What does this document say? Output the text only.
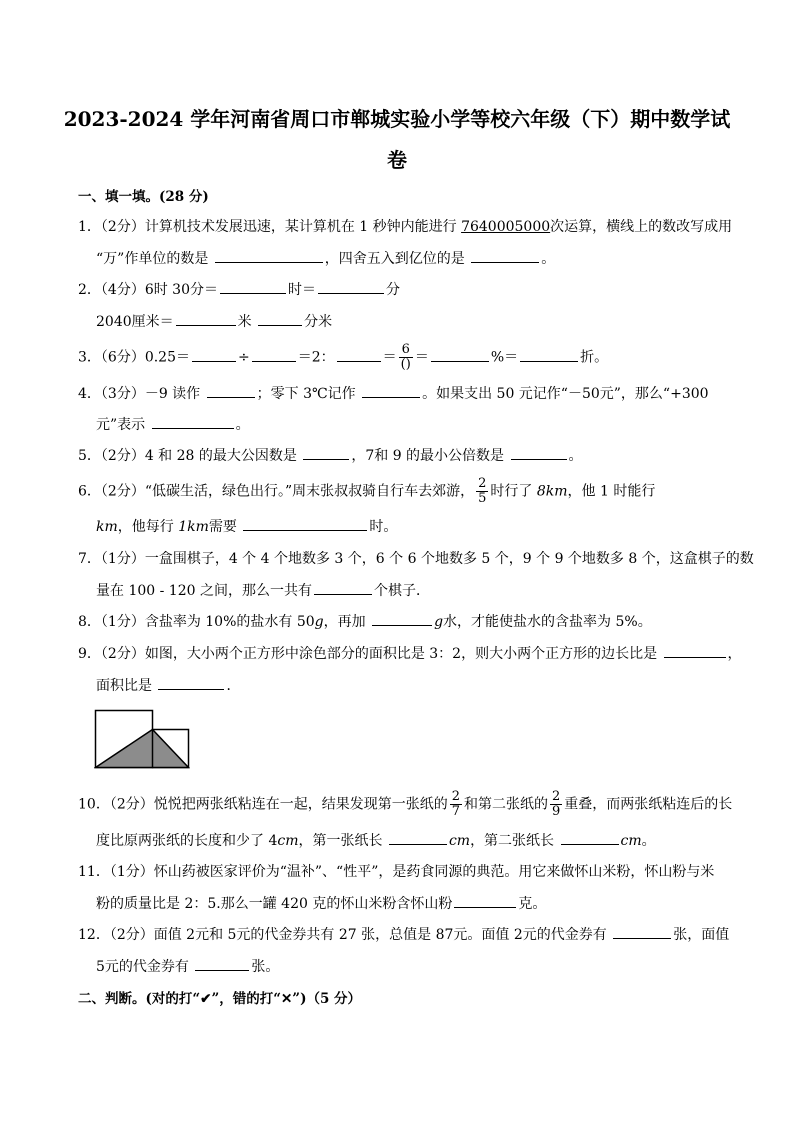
2023-2024 学年河南省周口市郸城实验小学等校六年级（下）期中数学试
卷
一、填一填。(28 分)
1．（2分）计算机技术发展迅速，某计算机在 1 秒钟内能进行 7640005000次运算，横线上的数改写成用
“万”作单位的数是	，四舍五入到亿位的是	。
2．（4分）6时 30分＝	时＝	分
2040厘米＝	米	分米
3．（6分）0.25＝	÷	＝2：	＝ $\frac{6}{()}$ ＝	%＝	折。
4．（3分）－9 读作	；零下 3℃记作	。如果支出 50 元记作“－50元”，那么“+300
元”表示	。
5．（2分）4 和 28 的最大公因数是	，7和 9 的最小公倍数是	。
6．（2分）“低碳生活，绿色出行。”周末张叔叔骑自行车去郊游， $\frac{2}{5}$ 时行了 8km，他 1 时能行
km，他每行 1km需要	时。
7．（1分）一盒围棋子，4 个 4 个地数多 3 个，6 个 6 个地数多 5 个，9 个 9 个地数多 8 个，这盒棋子的数
量在 100 - 120 之间，那么一共有	个棋子．
8．（1分）含盐率为 10%的盐水有 50g，再加	g水，才能使盐水的含盐率为 5%。
9．（2分）如图，大小两个正方形中涂色部分的面积比是 3：2，则大小两个正方形的边长比是	，
面积比是	．
10．（2分）悦悦把两张纸粘连在一起，结果发现第一张纸的 $\frac{2}{7}$ 和第二张纸的 $\frac{2}{9}$ 重叠，而两张纸粘连后的长
度比原两张纸的长度和少了 4cm，第一张纸长	cm，第二张纸长	cm。
11．（1分）怀山药被医家评价为“温补”、“性平”，是药食同源的典范。用它来做怀山米粉，怀山粉与米
粉的质量比是 2：5.那么一罐 420 克的怀山米粉含怀山粉	克。
12．（2分）面值 2元和 5元的代金券共有 27 张，总值是 87元。面值 2元的代金券有	张，面值
5元的代金券有	张。
二、判断。(对的打“✔”，错的打“✕”)（5 分）
